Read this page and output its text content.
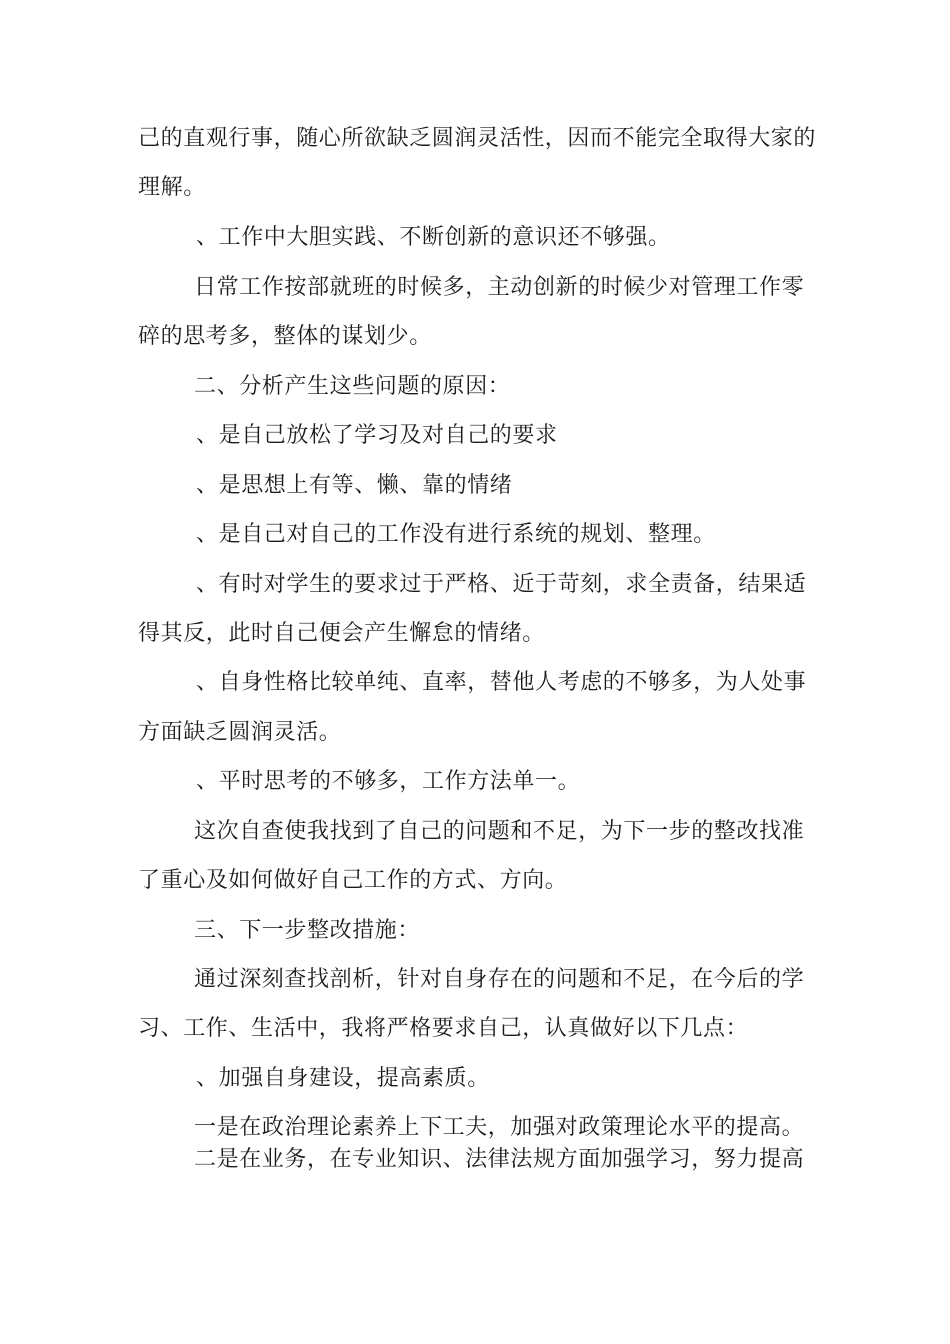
己的直观行事，随心所欲缺乏圆润灵活性，因而不能完全取得大家的
理解。
、工作中大胆实践、不断创新的意识还不够强。
日常工作按部就班的时候多，主动创新的时候少对管理工作零
碎的思考多，整体的谋划少。
二、分析产生这些问题的原因：
、是自己放松了学习及对自己的要求
、是思想上有等、懒、靠的情绪
、是自己对自己的工作没有进行系统的规划、整理。
、有时对学生的要求过于严格、近于苛刻，求全责备，结果适
得其反，此时自己便会产生懈怠的情绪。
、自身性格比较单纯、直率，替他人考虑的不够多，为人处事
方面缺乏圆润灵活。
、平时思考的不够多，工作方法单一。
这次自查使我找到了自己的问题和不足，为下一步的整改找准
了重心及如何做好自己工作的方式、方向。
三、下一步整改措施：
通过深刻查找剖析，针对自身存在的问题和不足，在今后的学
习、工作、生活中，我将严格要求自己，认真做好以下几点：
、加强自身建设，提高素质。
一是在政治理论素养上下工夫，加强对政策理论水平的提高。
二是在业务，在专业知识、法律法规方面加强学习，努力提高
